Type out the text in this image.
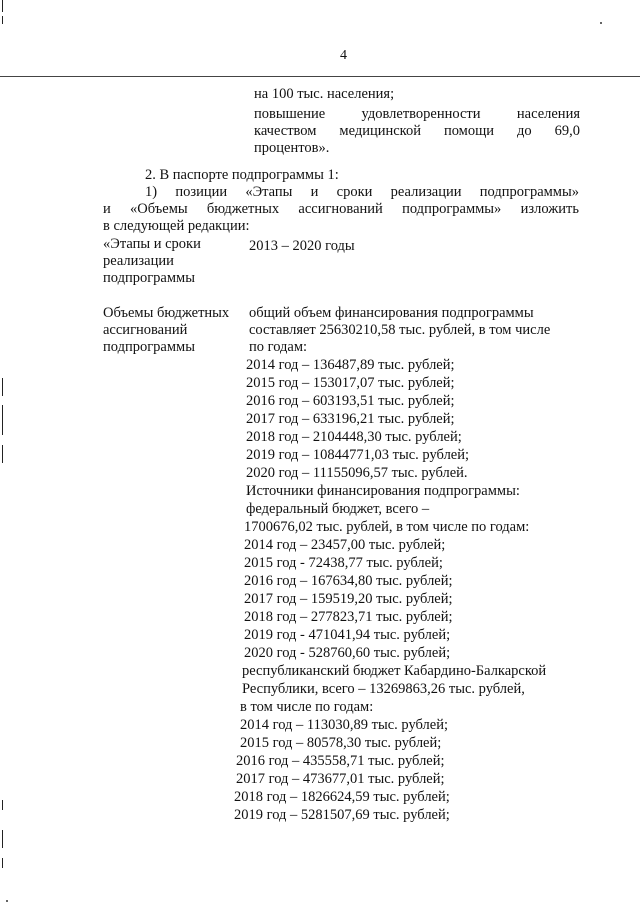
4
на 100 тыс. населения;
повышение	удовлетворенности	населения
качеством медицинской помощи до 69,0
процентов».
2. В паспорте подпрограммы 1:
1) позиции «Этапы и сроки реализации подпрограммы»
и «Объемы бюджетных ассигнований подпрограммы» изложить
в следующей редакции:
«Этапы и сроки
реализации
подпрограммы
2013 – 2020 годы
Объемы бюджетных
ассигнований
подпрограммы
общий объем финансирования подпрограммы
составляет 25630210,58 тыс. рублей, в том числе
по годам:
2014 год – 136487,89 тыс. рублей;
2015 год – 153017,07 тыс. рублей;
2016 год – 603193,51 тыс. рублей;
2017 год – 633196,21 тыс. рублей;
2018 год – 2104448,30 тыс. рублей;
2019 год – 10844771,03 тыс. рублей;
2020 год – 11155096,57 тыс. рублей.
Источники финансирования подпрограммы:
федеральный бюджет, всего –
1700676,02 тыс. рублей, в том числе по годам:
2014 год – 23457,00 тыс. рублей;
2015 год - 72438,77 тыс. рублей;
2016 год – 167634,80 тыс. рублей;
2017 год – 159519,20 тыс. рублей;
2018 год – 277823,71 тыс. рублей;
2019 год - 471041,94 тыс. рублей;
2020 год - 528760,60 тыс. рублей;
республиканский бюджет Кабардино-Балкарской
Республики, всего – 13269863,26 тыс. рублей,
в том числе по годам:
2014 год – 113030,89 тыс. рублей;
2015 год – 80578,30 тыс. рублей;
2016 год – 435558,71 тыс. рублей;
2017 год – 473677,01 тыс. рублей;
2018 год – 1826624,59 тыс. рублей;
2019 год – 5281507,69 тыс. рублей;
